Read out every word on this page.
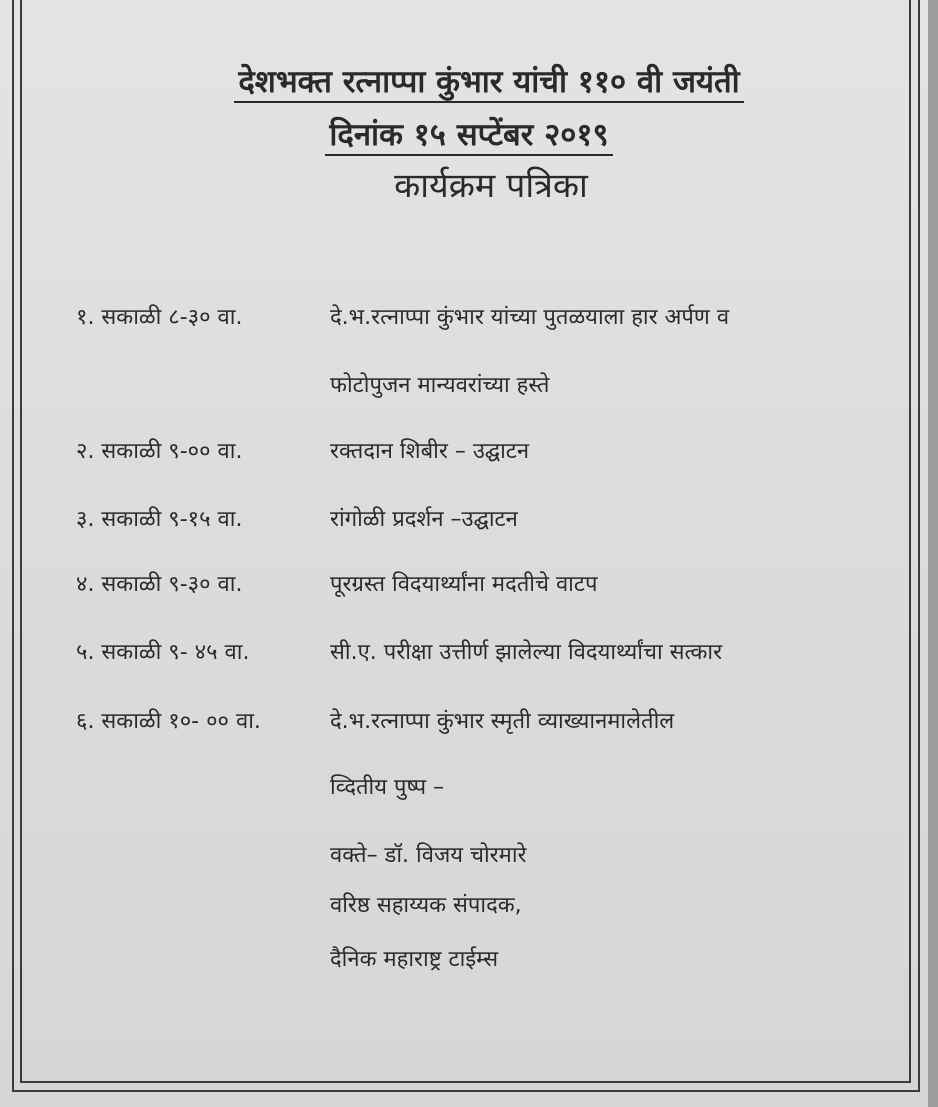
देशभक्त रत्नाप्पा कुंभार यांची ११० वी जयंती
दिनांक १५ सप्टेंबर २०१९
कार्यक्रम पत्रिका
१. सकाळी ८-३० वा.	दे.भ.रत्नाप्पा कुंभार यांच्या पुतळयाला हार अर्पण व
फोटोपुजन मान्यवरांच्या हस्ते
२. सकाळी ९-०० वा.	रक्तदान शिबीर – उद्घाटन
३. सकाळी ९-१५ वा.	रांगोळी प्रदर्शन –उद्घाटन
४. सकाळी ९-३० वा.	पूरग्रस्त विदयार्थ्यांना मदतीचे वाटप
५. सकाळी ९- ४५ वा.	सी.ए. परीक्षा उत्तीर्ण झालेल्या विदयार्थ्यांचा सत्कार
६. सकाळी १०- ०० वा.	दे.भ.रत्नाप्पा कुंभार स्मृती व्याख्यानमालेतील
व्दितीय पुष्प –
वक्ते– डॉ. विजय चोरमारे
वरिष्ठ सहाय्यक संपादक,
दैनिक महाराष्ट्र टाईम्स
